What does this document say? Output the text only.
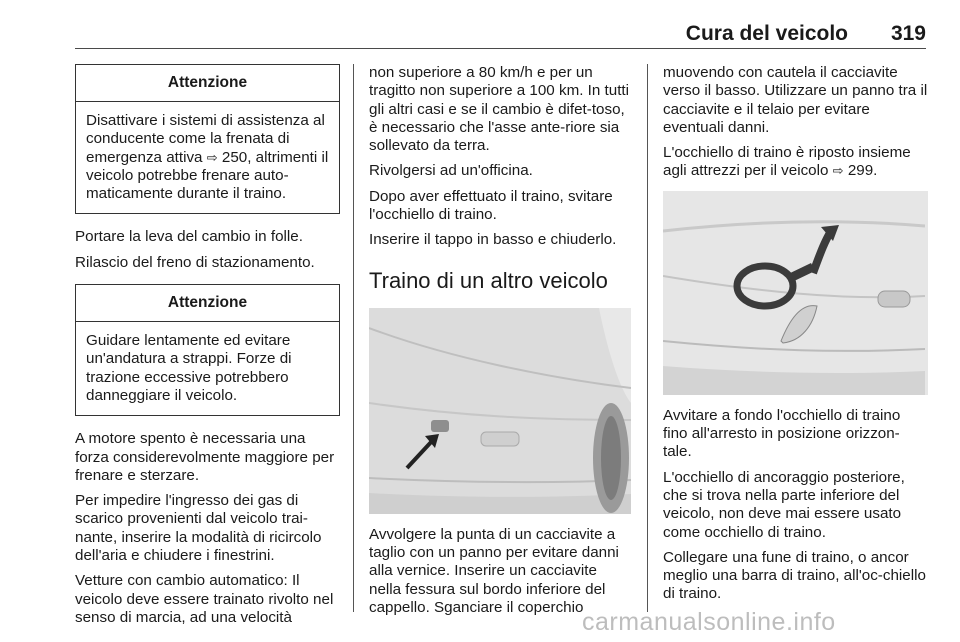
Cura del veicolo 319
Attenzione
Disattivare i sistemi di assistenza al conducente come la frenata di emergenza attiva ⇨ 250, altrimenti il veicolo potrebbe frenare auto-maticamente durante il traino.

Portare la leva del cambio in folle.

Rilascio del freno di stazionamento.

Attenzione
Guidare lentamente ed evitare un'andatura a strappi. Forze di trazione eccessive potrebbero danneggiare il veicolo.

A motore spento è necessaria una forza considerevolmente maggiore per frenare e sterzare.

Per impedire l'ingresso dei gas di scarico provenienti dal veicolo trai-nante, inserire la modalità di ricircolo dell'aria e chiudere i finestrini.

Vetture con cambio automatico: Il veicolo deve essere trainato rivolto nel senso di marcia, ad una velocità

non superiore a 80 km/h e per un tragitto non superiore a 100 km. In tutti gli altri casi e se il cambio è difet-toso, è necessario che l'asse ante-riore sia sollevato da terra.

Rivolgersi ad un'officina.

Dopo aver effettuato il traino, svitare l'occhiello di traino.

Inserire il tappo in basso e chiuderlo.

Traino di un altro veicolo

Avvolgere la punta di un cacciavite a taglio con un panno per evitare danni alla vernice. Inserire un cacciavite nella fessura sul bordo inferiore del cappello. Sganciare il coperchio

muovendo con cautela il cacciavite verso il basso. Utilizzare un panno tra il cacciavite e il telaio per evitare eventuali danni.

L'occhiello di traino è riposto insieme agli attrezzi per il veicolo ⇨ 299.

Avvitare a fondo l'occhiello di traino fino all'arresto in posizione orizzon-tale.

L'occhiello di ancoraggio posteriore, che si trova nella parte inferiore del veicolo, non deve mai essere usato come occhiello di traino.

Collegare una fune di traino, o ancor meglio una barra di traino, all'oc-chiello di traino.

carmanualsonline.info
